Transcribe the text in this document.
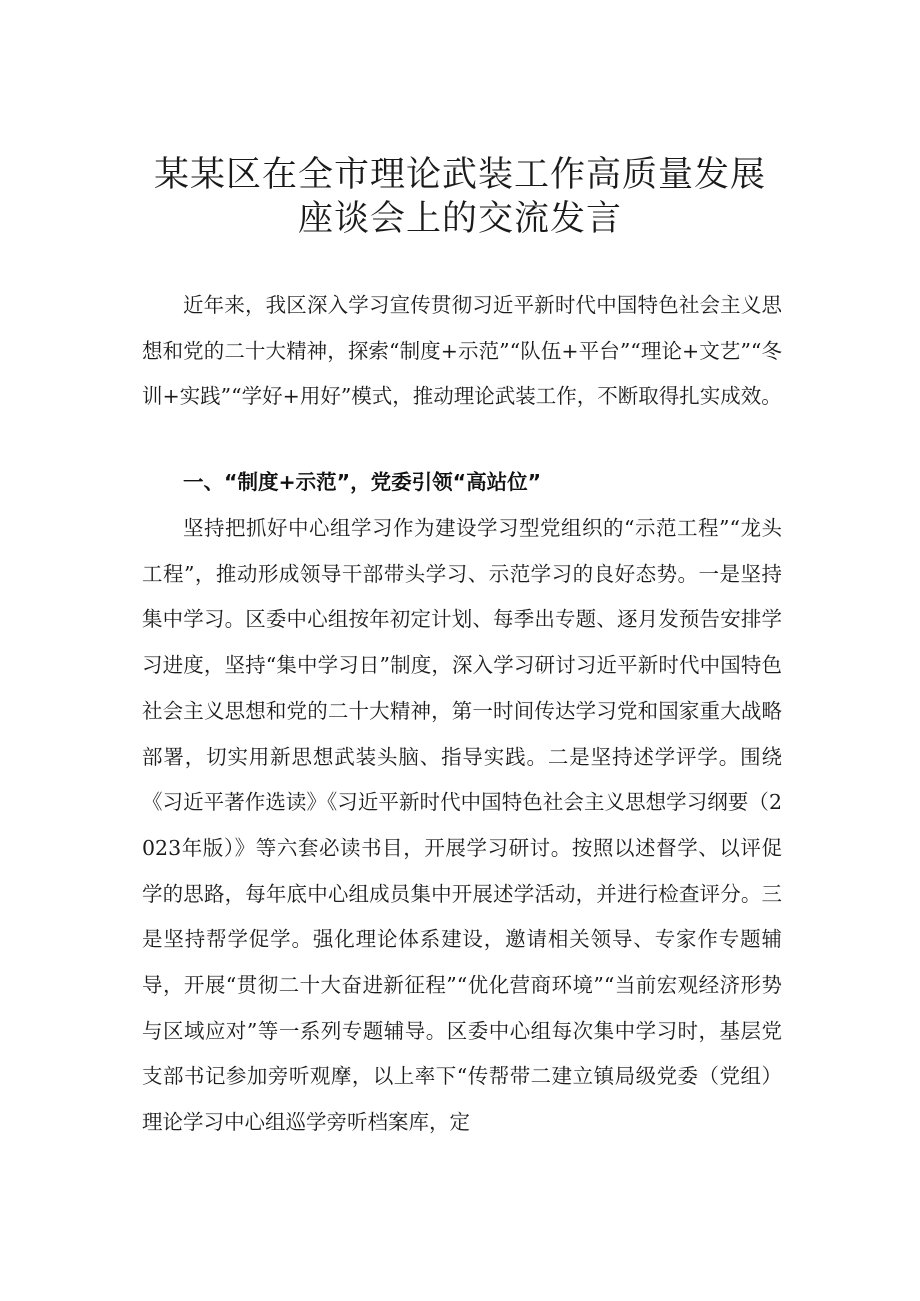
某某区在全市理论武装工作高质量发展
座谈会上的交流发言

近年来，我区深入学习宣传贯彻习近平新时代中国特色社会主义思想和党的二十大精神，探索“制度+示范”“队伍+平台”“理论+文艺”“冬训+实践”“学好+用好”模式，推动理论武装工作，不断取得扎实成效。

一、“制度+示范”，党委引领“高站位”

坚持把抓好中心组学习作为建设学习型党组织的“示范工程”“龙头工程”，推动形成领导干部带头学习、示范学习的良好态势。一是坚持集中学习。区委中心组按年初定计划、每季出专题、逐月发预告安排学习进度，坚持“集中学习日”制度，深入学习研讨习近平新时代中国特色社会主义思想和党的二十大精神，第一时间传达学习党和国家重大战略部署，切实用新思想武装头脑、指导实践。二是坚持述学评学。围绕《习近平著作选读》《习近平新时代中国特色社会主义思想学习纲要（2023年版）》等六套必读书目，开展学习研讨。按照以述督学、以评促学的思路，每年底中心组成员集中开展述学活动，并进行检查评分。三是坚持帮学促学。强化理论体系建设，邀请相关领导、专家作专题辅导，开展“贯彻二十大奋进新征程”“优化营商环境”“当前宏观经济形势与区域应对”等一系列专题辅导。区委中心组每次集中学习时，基层党支部书记参加旁听观摩，以上率下“传帮带二建立镇局级党委（党组）理论学习中心组巡学旁听档案库，定
